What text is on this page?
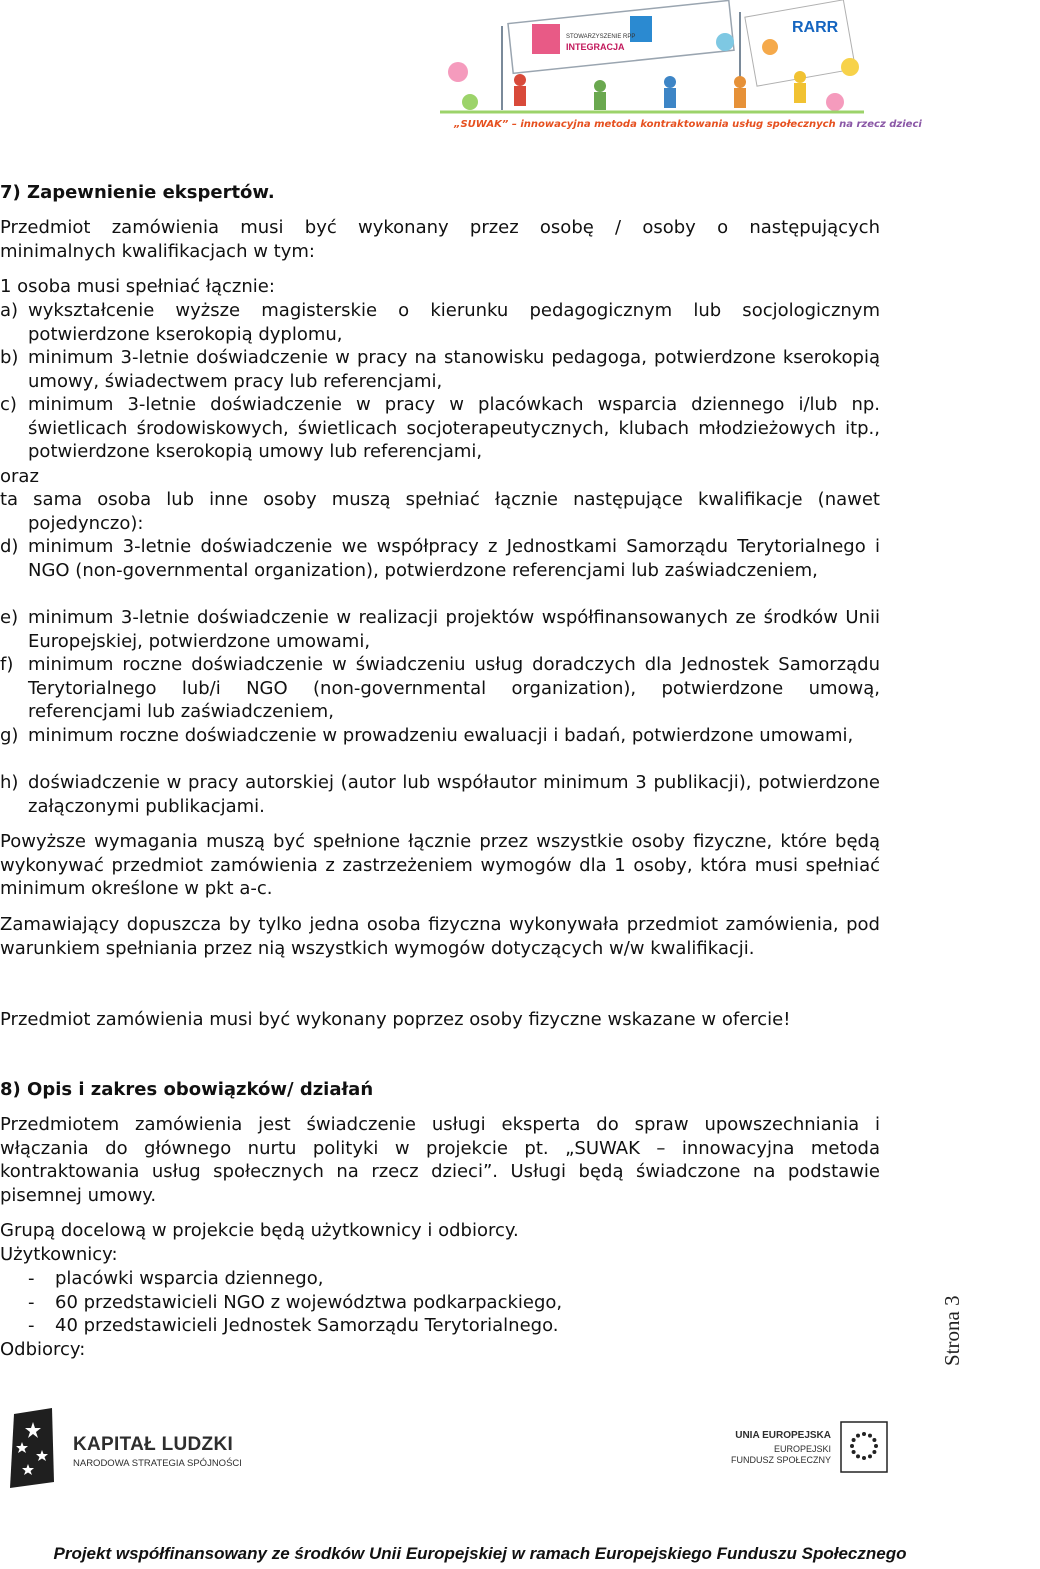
STOWARZYSZENIE RPP
INTEGRACJA
RARR
„SUWAK” – innowacyjna metoda kontraktowania usług społecznych na rzecz dzieci
7) Zapewnienie ekspertów.
Przedmiot zamówienia musi być wykonany przez osobę / osoby o następujących
minimalnych kwalifikacjach w tym:
1 osoba musi spełniać łącznie:
a) wykształcenie wyższe magisterskie o kierunku pedagogicznym lub socjologicznym potwierdzone kserokopią dyplomu,
b) minimum 3-letnie doświadczenie w pracy na stanowisku pedagoga, potwierdzone kserokopią umowy, świadectwem pracy lub referencjami,
c) minimum 3-letnie doświadczenie w pracy w placówkach wsparcia dziennego i/lub np. świetlicach środowiskowych, świetlicach socjoterapeutycznych, klubach młodzieżowych itp., potwierdzone kserokopią umowy lub referencjami,
oraz
ta sama osoba lub inne osoby muszą spełniać łącznie następujące kwalifikacje (nawet
pojedynczo):
d) minimum 3-letnie doświadczenie we współpracy z Jednostkami Samorządu Terytorialnego i NGO (non-governmental organization), potwierdzone referencjami lub zaświadczeniem,
e) minimum 3-letnie doświadczenie w realizacji projektów współfinansowanych ze środków Unii Europejskiej, potwierdzone umowami,
f) minimum roczne doświadczenie w świadczeniu usług doradczych dla Jednostek Samorządu Terytorialnego lub/i NGO (non-governmental organization), potwierdzone umową, referencjami lub zaświadczeniem,
g) minimum roczne doświadczenie w prowadzeniu ewaluacji i badań, potwierdzone umowami,
h) doświadczenie w pracy autorskiej (autor lub współautor minimum 3 publikacji), potwierdzone załączonymi publikacjami.
Powyższe wymagania muszą być spełnione łącznie przez wszystkie osoby fizyczne, które będą wykonywać przedmiot zamówienia z zastrzeżeniem wymogów dla 1 osoby, która musi spełniać minimum określone w pkt a-c.
Zamawiający dopuszcza by tylko jedna osoba fizyczna wykonywała przedmiot zamówienia, pod warunkiem spełniania przez nią wszystkich wymogów dotyczących w/w kwalifikacji.
Przedmiot zamówienia musi być wykonany poprzez osoby fizyczne wskazane w ofercie!
8) Opis i zakres obowiązków/ działań
Przedmiotem zamówienia jest świadczenie usługi eksperta do spraw upowszechniania i włączania do głównego nurtu polityki w projekcie pt. „SUWAK – innowacyjna metoda kontraktowania usług społecznych na rzecz dzieci”. Usługi będą świadczone na podstawie pisemnej umowy.
Grupą docelową w projekcie będą użytkownicy i odbiorcy.
Użytkownicy:
- placówki wsparcia dziennego,
- 60 przedstawicieli NGO z województwa podkarpackiego,
- 40 przedstawicieli Jednostek Samorządu Terytorialnego.
Odbiorcy:	Strona 3
KAPITAŁ LUDZKI
NARODOWA STRATEGIA SPÓJNOŚCI
UNIA EUROPEJSKA
EUROPEJSKI
FUNDUSZ SPOŁECZNY
Projekt współfinansowany ze środków Unii Europejskiej w ramach Europejskiego Funduszu Społecznego
